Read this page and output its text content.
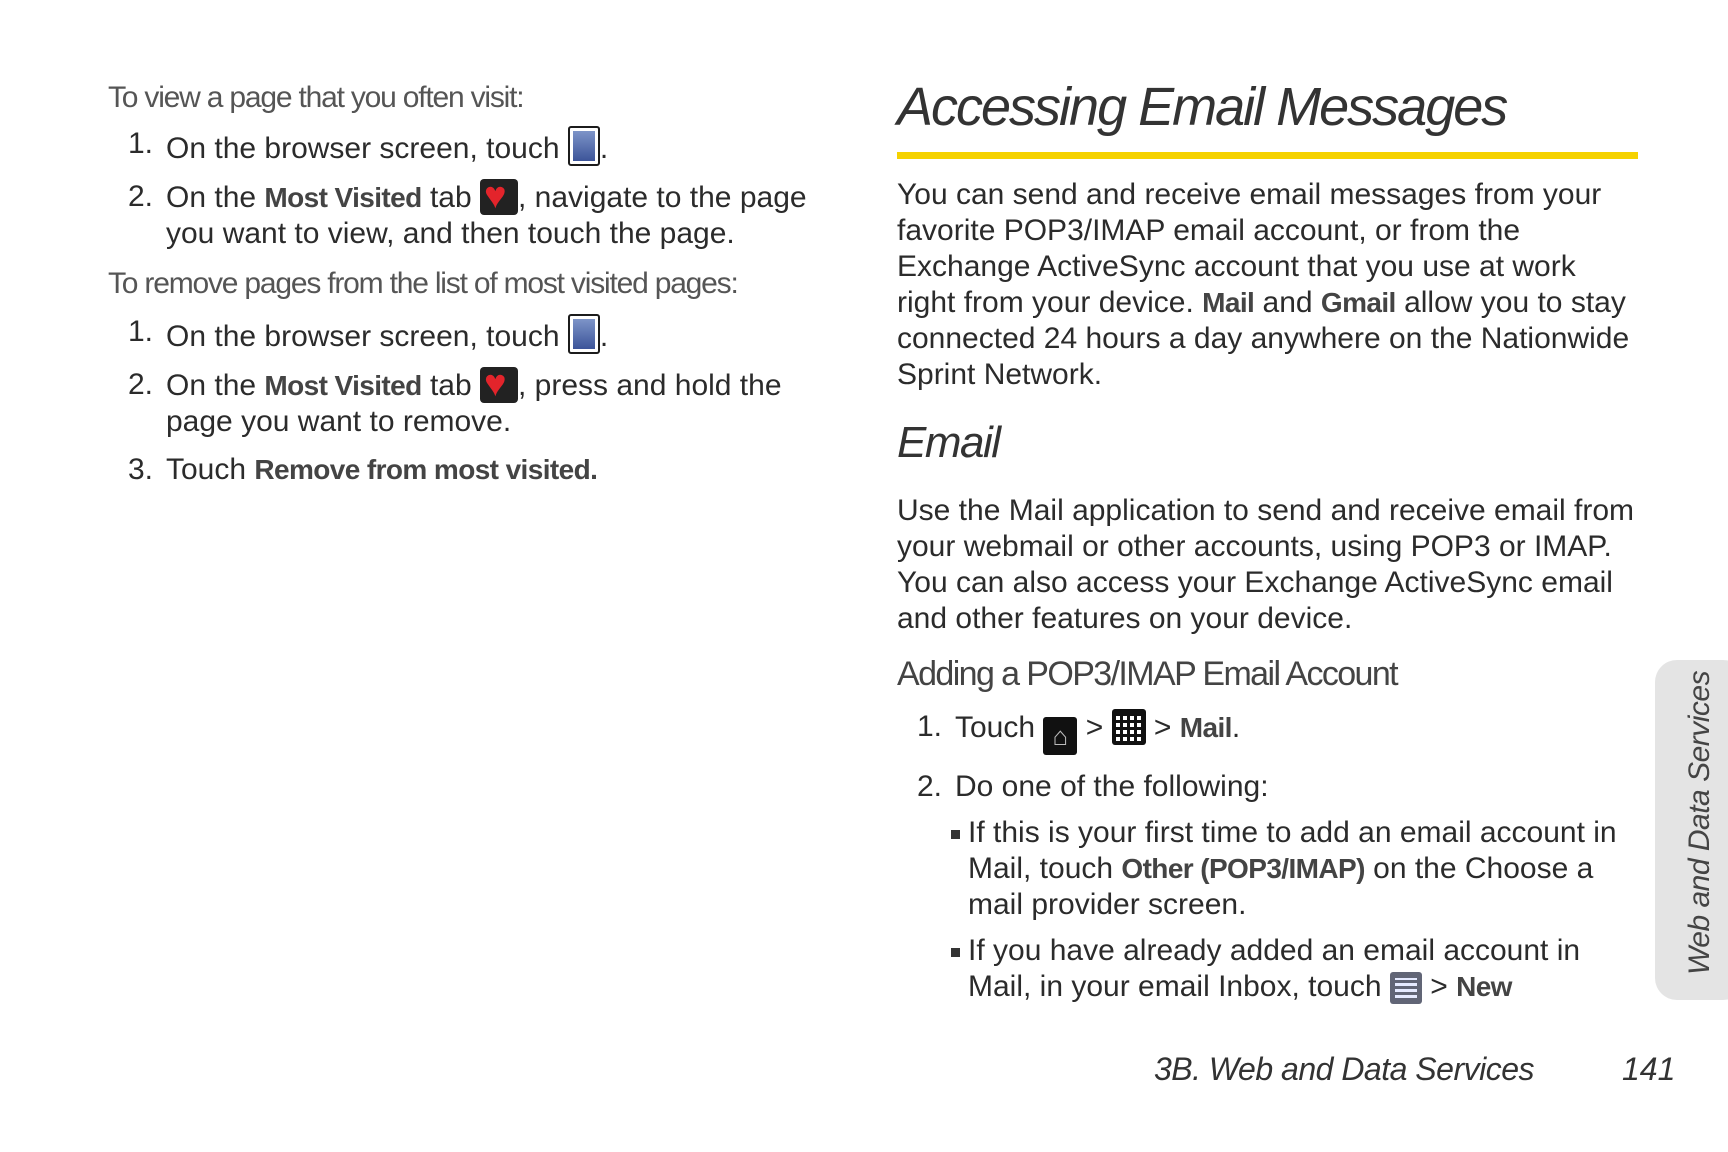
To view a page that you often visit:

1. On the browser screen, touch
.
2. On the Most Visited tab ♥, navigate to the page you want to view, and then touch the page.

To remove pages from the list of most visited pages:

1. On the browser screen, touch
.
2. On the Most Visited tab ♥, press and hold the page you want to remove.
3. Touch Remove from most visited.
Accessing Email Messages

You can send and receive email messages from your favorite POP3/IMAP email account, or from the Exchange ActiveSync account that you use at work right from your device. Mail and Gmail allow you to stay connected 24 hours a day anywhere on the Nationwide Sprint Network.

Email

Use the Mail application to send and receive email from your webmail or other accounts, using POP3 or IMAP. You can also access your Exchange ActiveSync email and other features on your device.

Adding a POP3/IMAP Email Account
1. Touch ⌂ >  > Mail.
2. Do one of the following:
If this is your first time to add an email account in Mail, touch Other (POP3/IMAP) on the Choose a mail provider screen.
If you have already added an email account in Mail, in your email Inbox, touch  > New
Web and Data Services
3B. Web and Data Services	141
